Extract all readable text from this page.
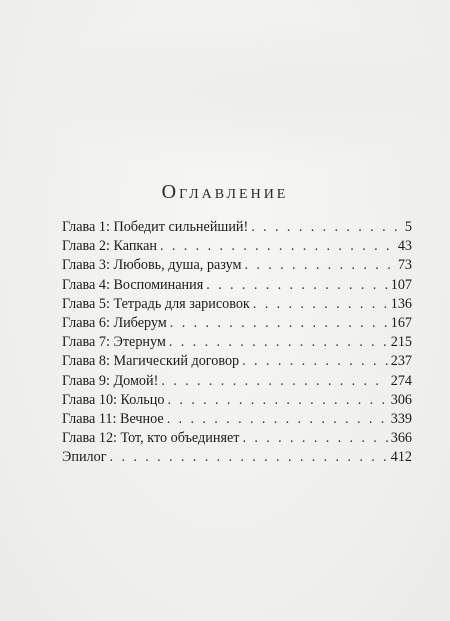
Оглавление
Глава 1: Победит сильнейший! . . .	5
Глава 2: Капкан . . .	43
Глава 3: Любовь, душа, разум . . .	73
Глава 4: Воспоминания . . .	107
Глава 5: Тетрадь для зарисовок . . .	136
Глава 6: Либерум . . .	167
Глава 7: Этернум . . .	215
Глава 8: Магический договор . . .	237
Глава 9: Домой! . . .	274
Глава 10: Кольцо . . .	306
Глава 11: Вечное . . .	339
Глава 12: Тот, кто объединяет . . .	366
Эпилог . . .	412
